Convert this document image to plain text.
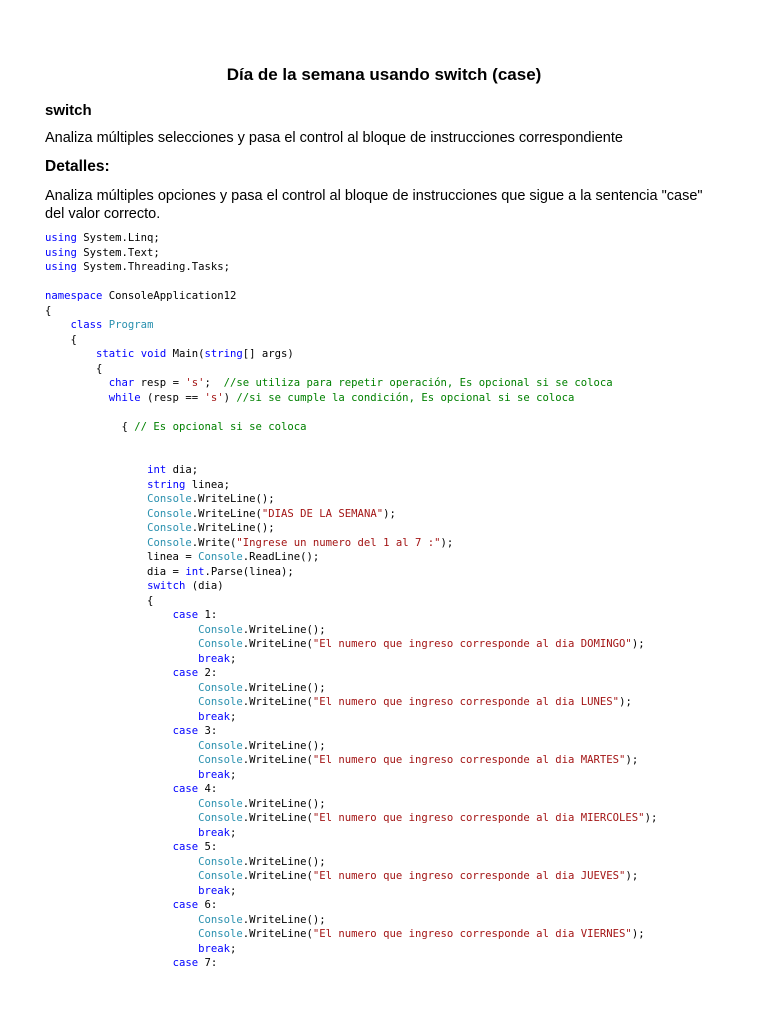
Día de la semana usando switch (case)
switch
Analiza múltiples selecciones y pasa el control al bloque de instrucciones correspondiente
Detalles:
Analiza múltiples opciones y pasa el control al bloque de instrucciones que sigue a la sentencia "case"
del valor correcto.
using System.Linq;
using System.Text;
using System.Threading.Tasks;
namespace ConsoleApplication12
{
class Program
{
static void Main(string[] args)
{
char resp = 's';  //se utiliza para repetir operación, Es opcional si se coloca
while (resp == 's') //si se cumple la condición, Es opcional si se coloca
{ // Es opcional si se coloca
int dia;
string linea;
Console.WriteLine();
Console.WriteLine("DIAS DE LA SEMANA");
Console.WriteLine();
Console.Write("Ingrese un numero del 1 al 7 :");
linea = Console.ReadLine();
dia = int.Parse(linea);
switch (dia)
{
case 1:
Console.WriteLine();
Console.WriteLine("El numero que ingreso corresponde al dia DOMINGO");
break;
case 2:
Console.WriteLine();
Console.WriteLine("El numero que ingreso corresponde al dia LUNES");
break;
case 3:
Console.WriteLine();
Console.WriteLine("El numero que ingreso corresponde al dia MARTES");
break;
case 4:
Console.WriteLine();
Console.WriteLine("El numero que ingreso corresponde al dia MIERCOLES");
break;
case 5:
Console.WriteLine();
Console.WriteLine("El numero que ingreso corresponde al dia JUEVES");
break;
case 6:
Console.WriteLine();
Console.WriteLine("El numero que ingreso corresponde al dia VIERNES");
break;
case 7:
